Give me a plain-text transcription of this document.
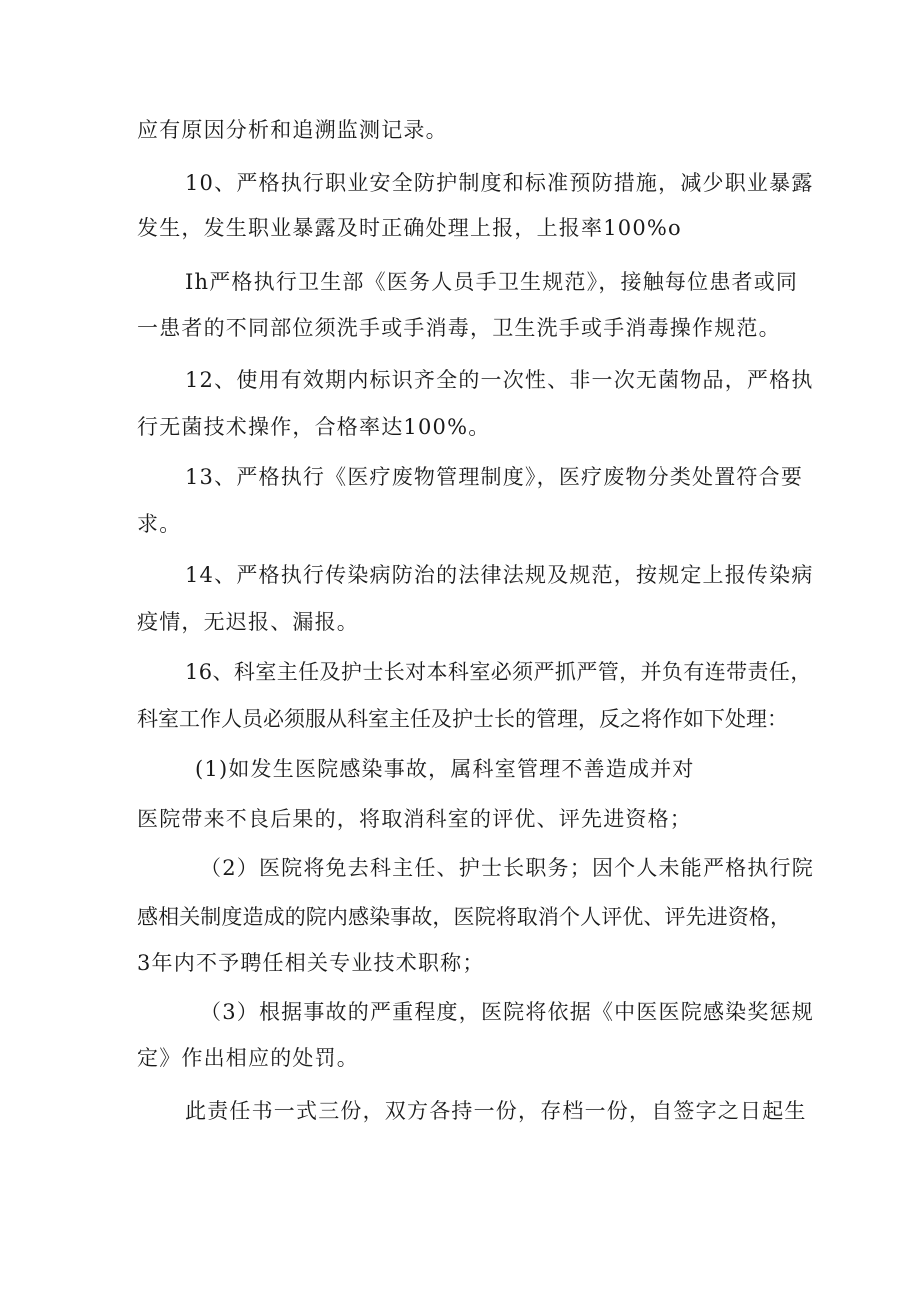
应有原因分析和追溯监测记录。
10、严格执行职业安全防护制度和标准预防措施，减少职业暴露
发生，发生职业暴露及时正确处理上报，上报率100%o
Ih严格执行卫生部《医务人员手卫生规范》，接触每位患者或同
一患者的不同部位须洗手或手消毒，卫生洗手或手消毒操作规范。
12、使用有效期内标识齐全的一次性、非一次无菌物品，严格执
行无菌技术操作，合格率达100%。
13、严格执行《医疗废物管理制度》，医疗废物分类处置符合要
求。
14、严格执行传染病防治的法律法规及规范，按规定上报传染病
疫情，无迟报、漏报。
16、科室主任及护士长对本科室必须严抓严管，并负有连带责任，
科室工作人员必须服从科室主任及护士长的管理，反之将作如下处理：
(1)如发生医院感染事故，属科室管理不善造成并对
医院带来不良后果的，将取消科室的评优、评先进资格；
（2）医院将免去科主任、护士长职务；因个人未能严格执行院
感相关制度造成的院内感染事故，医院将取消个人评优、评先进资格，
3年内不予聘任相关专业技术职称；
（3）根据事故的严重程度，医院将依据《中医医院感染奖惩规
定》作出相应的处罚。
此责任书一式三份，双方各持一份，存档一份，自签字之日起生
